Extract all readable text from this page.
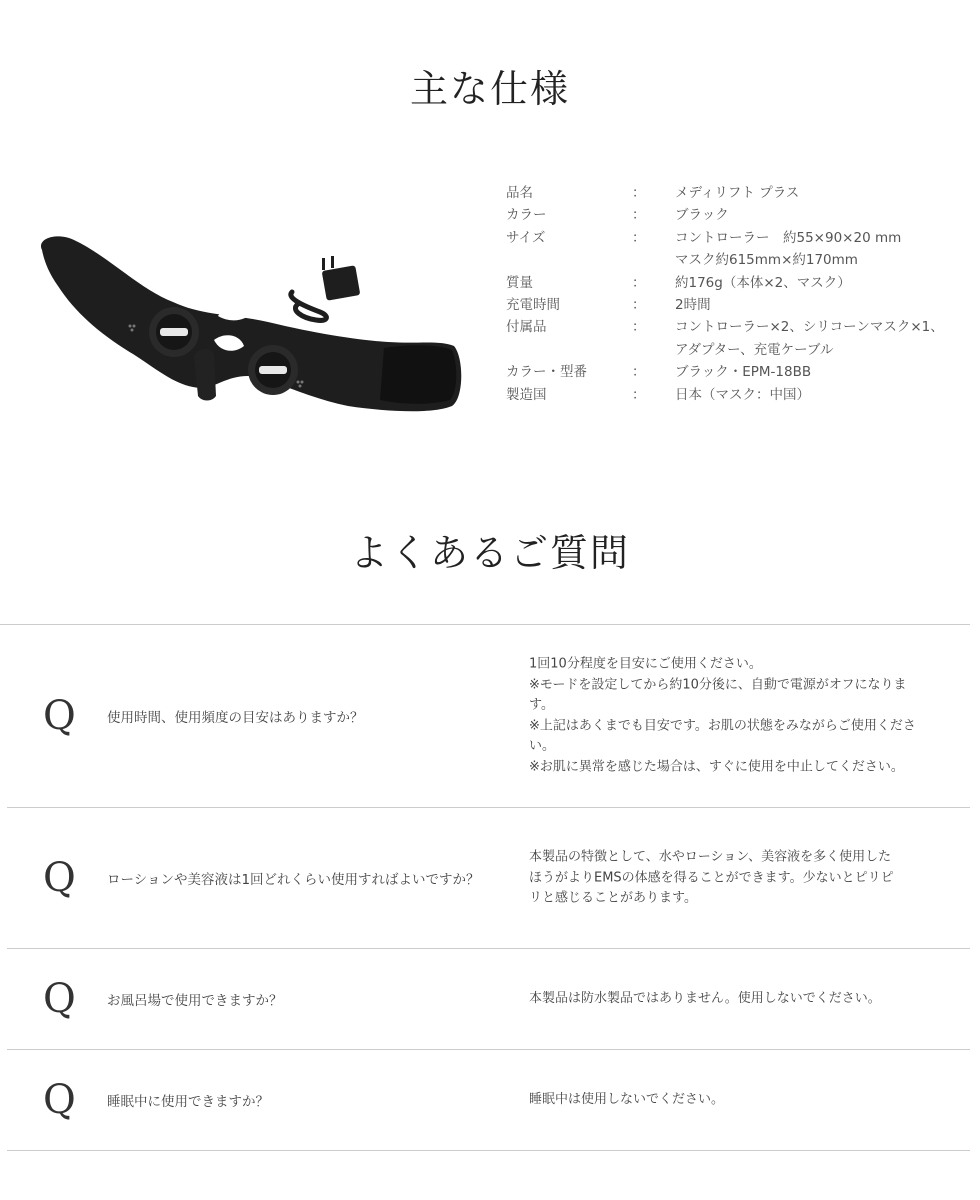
主な仕様
品名	：	メディリフト プラス
カラー	：	ブラック
サイズ	：	コントローラー　約55×90×20 mm
マスク約615mm×約170mm
質量	：	約176g（本体×2、マスク）
充電時間	：	2時間
付属品	：	コントローラー×2、シリコーンマスク×1、
アダプター、充電ケーブル
カラー・型番	：	ブラック・EPM-18BB
製造国	：	日本（マスク：中国）
よくあるご質問
Q 使用時間、使用頻度の目安はありますか？
1回10分程度を目安にご使用ください。
※モードを設定してから約10分後に、自動で電源がオフになります。
※上記はあくまでも目安です。お肌の状態をみながらご使用くださ
い。
※お肌に異常を感じた場合は、すぐに使用を中止してください。
Q ローションや美容液は1回どれくらい使用すればよいですか？
本製品の特徴として、水やローション、美容液を多く使用した
ほうがよりEMSの体感を得ることができます。少ないとピリピ
リと感じることがあります。
Q お風呂場で使用できますか？	本製品は防水製品ではありません。使用しないでください。
Q 睡眠中に使用できますか？	睡眠中は使用しないでください。
